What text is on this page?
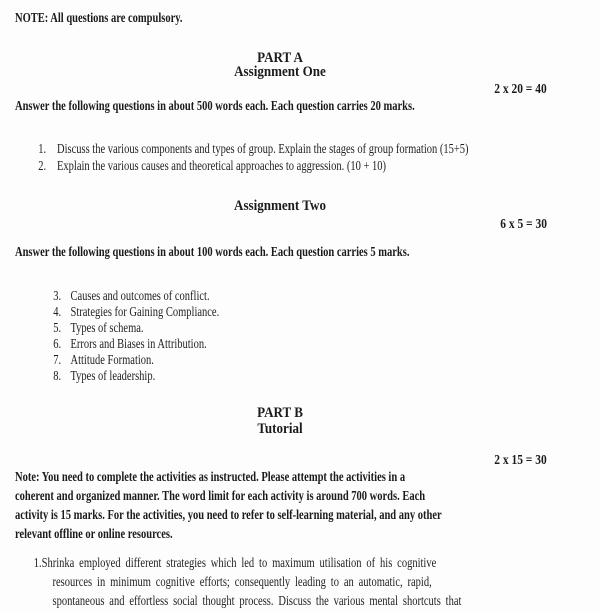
NOTE: All questions are compulsory.
PART A
Assignment One
2 x 20 = 40
Answer the following questions in about 500 words each. Each question carries 20 marks.
1. Discuss the various components and types of group. Explain the stages of group formation (15+5)
2. Explain the various causes and theoretical approaches to aggression. (10 + 10)
Assignment Two
6 x 5 = 30
Answer the following questions in about 100 words each. Each question carries 5 marks.
3. Causes and outcomes of conflict.
4. Strategies for Gaining Compliance.
5. Types of schema.
6. Errors and Biases in Attribution.
7. Attitude Formation.
8. Types of leadership.
PART B
Tutorial
2 x 15 = 30
Note: You need to complete the activities as instructed. Please attempt the activities in a
coherent and organized manner. The word limit for each activity is around 700 words. Each
activity is 15 marks. For the activities, you need to refer to self-learning material, and any other
relevant offline or online resources.
1.Shrinka employed different strategies which led to maximum utilisation of his cognitive
resources in minimum cognitive efforts; consequently leading to an automatic, rapid,
spontaneous and effortless social thought process. Discuss the various mental shortcuts that
